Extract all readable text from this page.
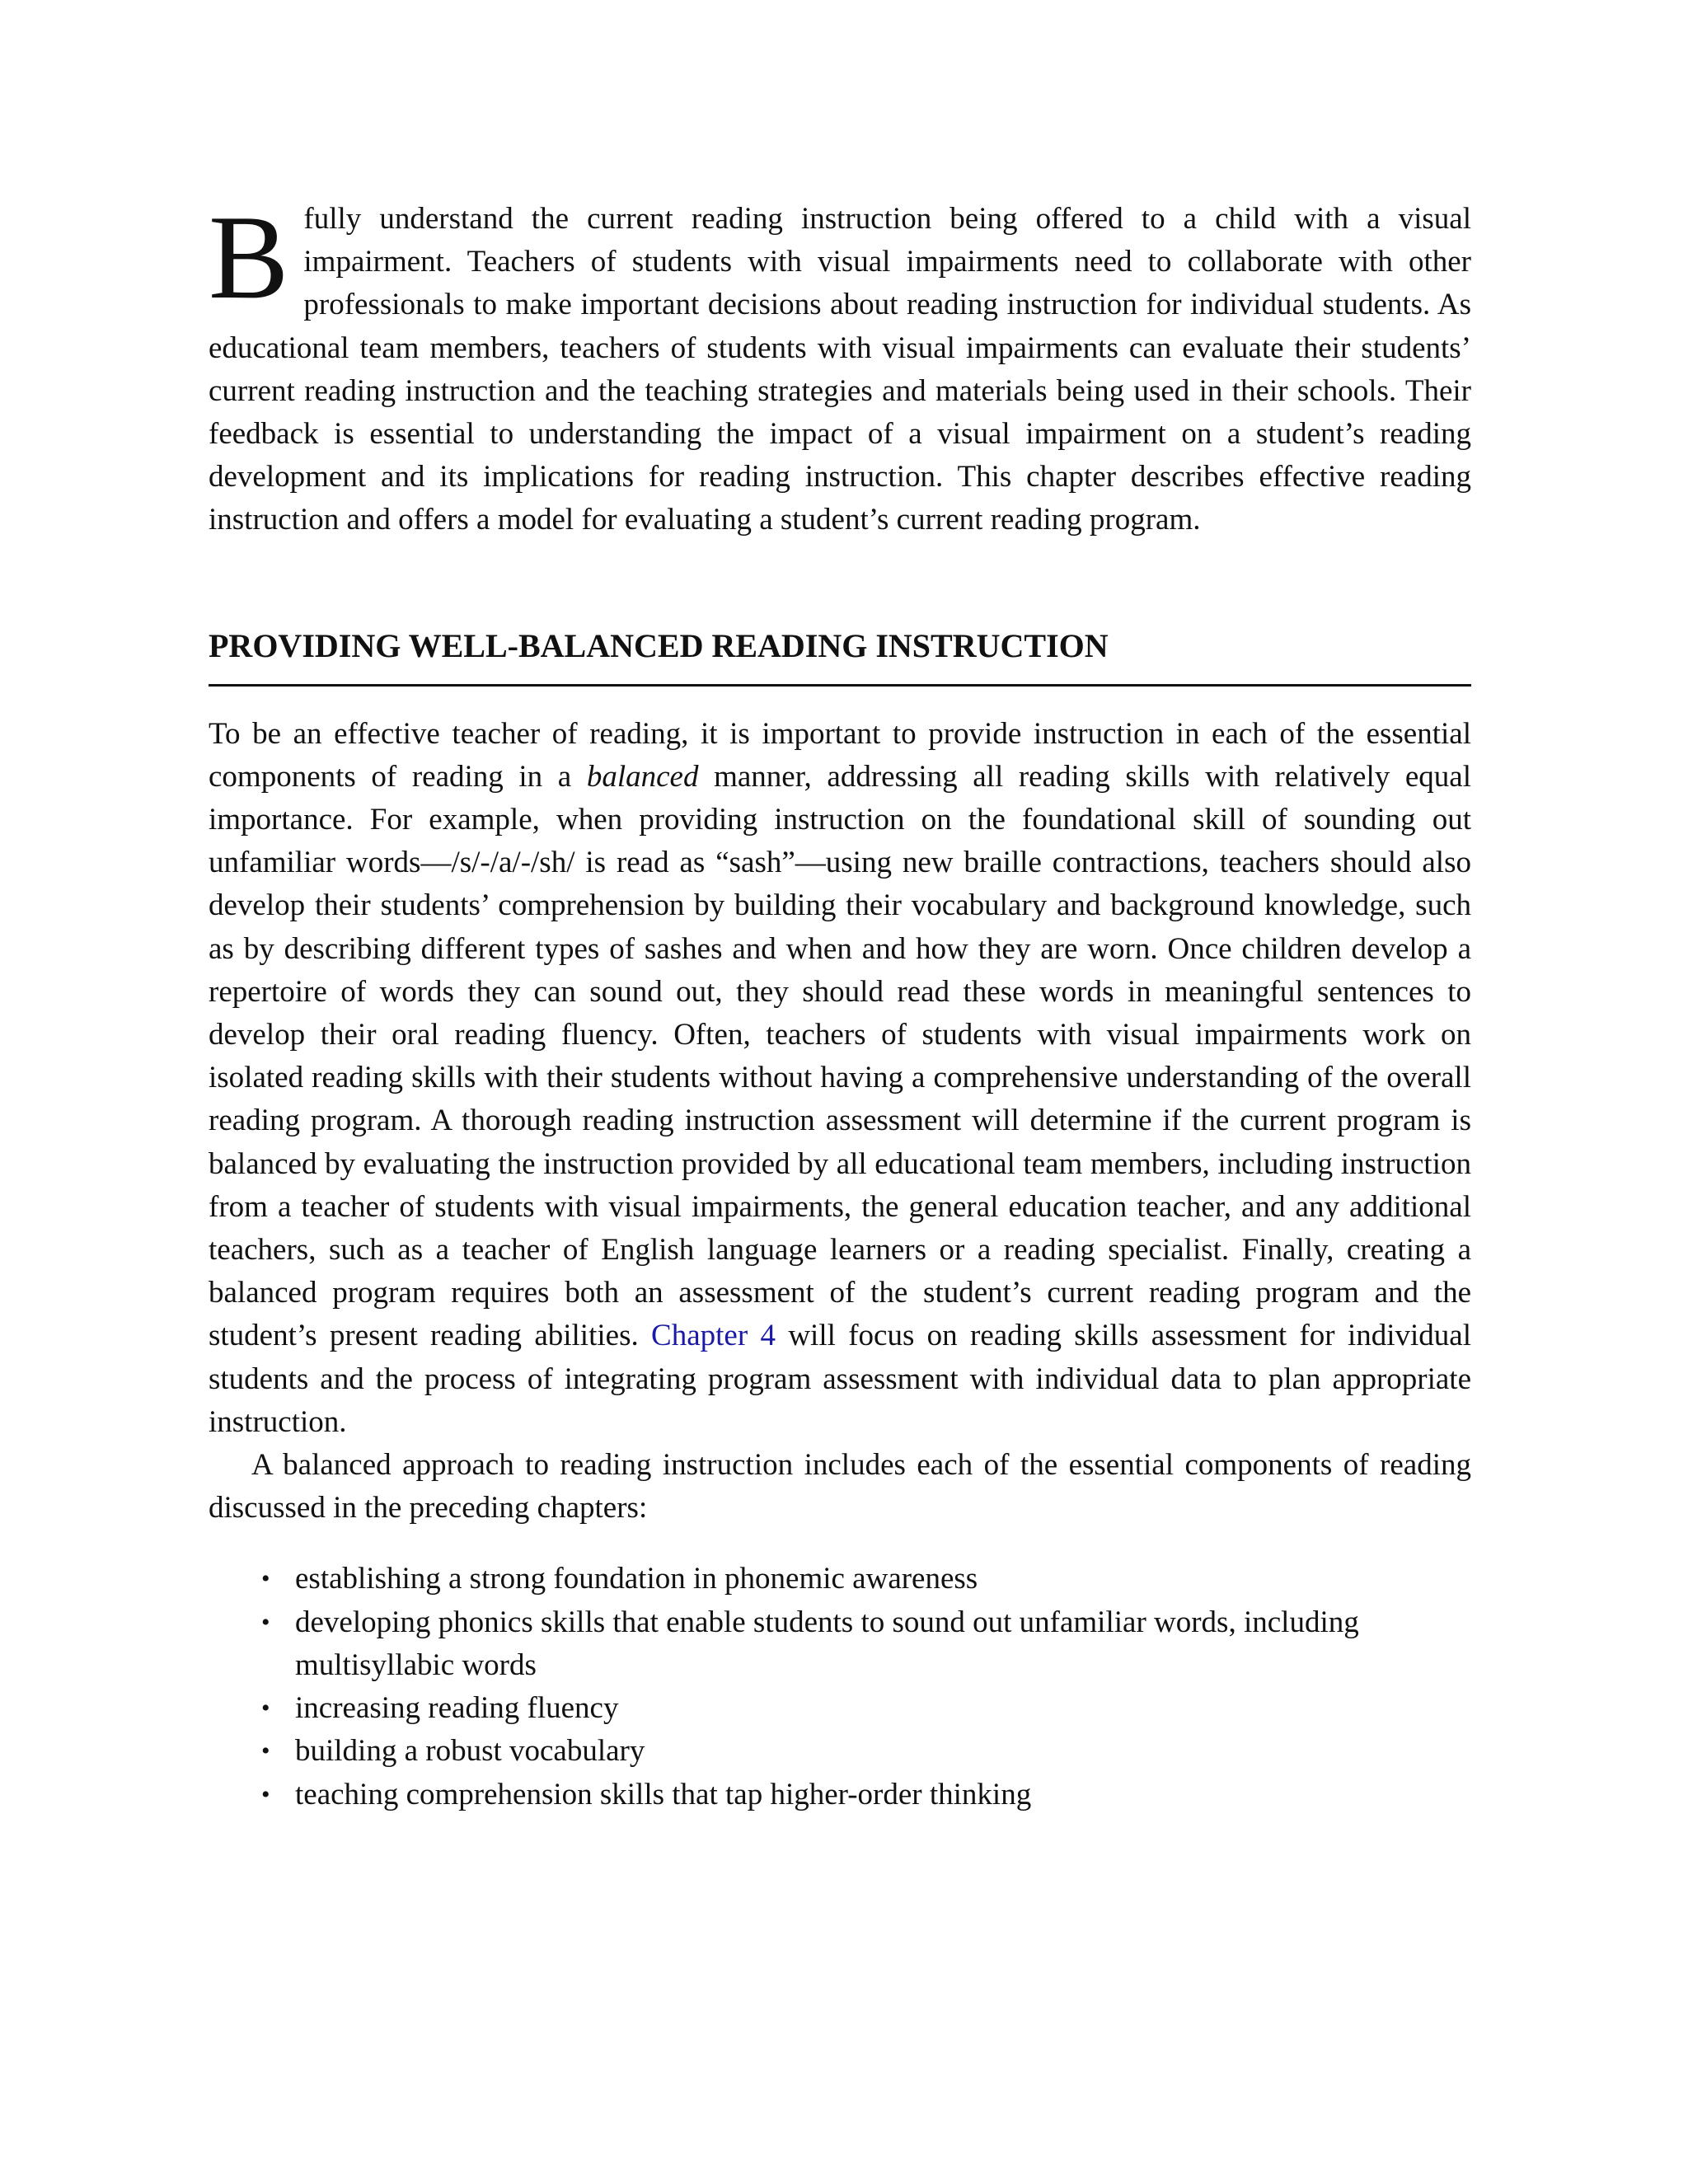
Bfully understand the current reading instruction being offered to a child with a visual impairment. Teachers of students with visual impairments need to collaborate with other professionals to make important decisions about reading instruction for individual students. As educational team members, teachers of students with visual impairments can evaluate their students’ current reading instruction and the teaching strategies and materials being used in their schools. Their feedback is essential to understanding the impact of a visual impairment on a student’s reading development and its implications for reading instruction. This chapter describes effective reading instruction and offers a model for evaluating a student’s current reading program.

PROVIDING WELL-BALANCED READING INSTRUCTION

To be an effective teacher of reading, it is important to provide instruction in each of the essential components of reading in a balanced manner, addressing all reading skills with relatively equal importance. For example, when providing instruction on the foundational skill of sounding out unfamiliar words—/s/-/a/-/sh/ is read as “sash”—using new braille contractions, teachers should also develop their students’ comprehension by building their vocabulary and background knowledge, such as by describing different types of sashes and when and how they are worn. Once children develop a repertoire of words they can sound out, they should read these words in meaningful sentences to develop their oral reading fluency. Often, teachers of students with visual impairments work on isolated reading skills with their students without having a comprehensive understanding of the overall reading program. A thorough reading instruction assessment will determine if the current program is balanced by evaluating the instruction provided by all educational team members, including instruction from a teacher of students with visual impairments, the general education teacher, and any additional teachers, such as a teacher of English language learners or a reading specialist. Finally, creating a balanced program requires both an assessment of the student’s current reading program and the student’s present reading abilities. Chapter 4 will focus on reading skills assessment for individual students and the process of integrating program assessment with individual data to plan appropriate instruction.

A balanced approach to reading instruction includes each of the essential components of reading discussed in the preceding chapters:

• establishing a strong foundation in phonemic awareness
• developing phonics skills that enable students to sound out unfamiliar words, including multisyllabic words
• increasing reading fluency
• building a robust vocabulary
• teaching comprehension skills that tap higher-order thinking
